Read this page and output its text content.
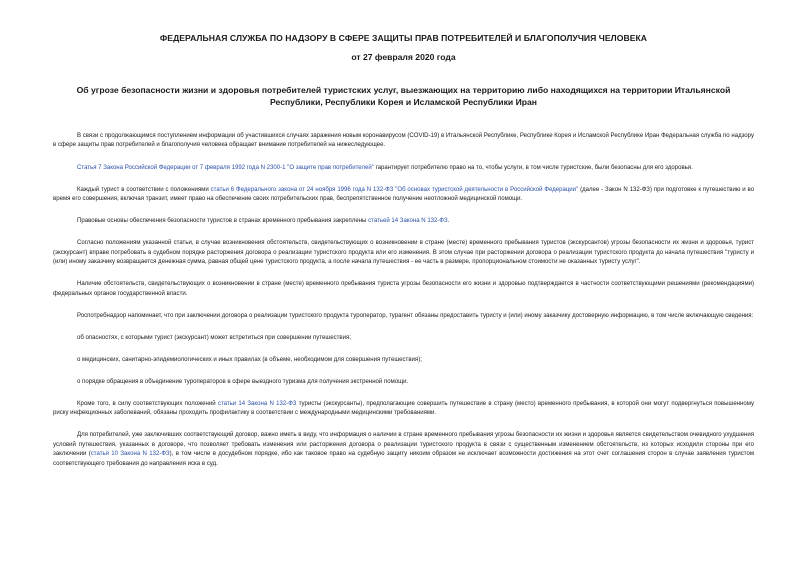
ФЕДЕРАЛЬНАЯ СЛУЖБА ПО НАДЗОРУ В СФЕРЕ ЗАЩИТЫ ПРАВ ПОТРЕБИТЕЛЕЙ И БЛАГОПОЛУЧИЯ ЧЕЛОВЕКА
от 27 февраля 2020 года
Об угрозе безопасности жизни и здоровья потребителей туристских услуг, выезжающих на территорию либо находящихся на территории Итальянской Республики, Республики Корея и Исламской Республики Иран

В связи с продолжающимся поступлением информации об участившихся случаях заражения новым коронавирусом (COVID-19) в Итальянской Республике, Республике Корея и Исламской Республике Иран Федеральная служба по надзору в сфере защиты прав потребителей и благополучия человека обращает внимание потребителей на нижеследующее.

Статья 7 Закона Российской Федерации от 7 февраля 1992 года N 2300-1 "О защите прав потребителей" гарантирует потребителю право на то, чтобы услуги, в том числе туристские, были безопасны для его здоровья.

Каждый турист в соответствии с положениями статьи 6 Федерального закона от 24 ноября 1996 года N 132-ФЗ "Об основах туристской деятельности в Российской Федерации" (далее - Закон N 132-ФЗ) при подготовке к путешествию и во время его совершения, включая транзит, имеет право на обеспечение своих потребительских прав, беспрепятственное получение неотложной медицинской помощи.

Правовые основы обеспечения безопасности туристов в странах временного пребывания закреплены статьей 14 Закона N 132-ФЗ.

Согласно положениям указанной статьи, в случае возникновения обстоятельств, свидетельствующих о возникновении в стране (месте) временного пребывания туристов (экскурсантов) угрозы безопасности их жизни и здоровья, турист (экскурсант) вправе потребовать в судебном порядке расторжения договора о реализации туристского продукта или его изменения. В этом случае при расторжении договора о реализации туристского продукта до начала путешествия "туристу и (или) иному заказчику возвращается денежная сумма, равная общей цене туристского продукта, а после начала путешествия - ее часть в размере, пропорциональном стоимости не оказанных туристу услуг".

Наличие обстоятельств, свидетельствующих о возникновении в стране (месте) временного пребывания туриста угрозы безопасности его жизни и здоровью подтверждается в частности соответствующими решениями (рекомендациями) федеральных органов государственной власти.

Роспотребнадзор напоминает, что при заключении договора о реализации туристского продукта туроператор, турагент обязаны предоставить туристу и (или) иному заказчику достоверную информацию, в том числе включающую сведения:

об опасностях, с которыми турист (экскурсант) может встретиться при совершении путешествия;

о медицинских, санитарно-эпидемиологических и иных правилах (в объеме, необходимом для совершения путешествия);

о порядке обращения в объединение туроператоров в сфере выездного туризма для получения экстренной помощи.

Кроме того, в силу соответствующих положений статьи 14 Закона N 132-ФЗ туристы (экскурсанты), предполагающие совершить путешествие в страну (место) временного пребывания, в которой они могут подвергнуться повышенному риску инфекционных заболеваний, обязаны проходить профилактику в соответствии с международными медицинскими требованиями.

Для потребителей, уже заключивших соответствующий договор, важно иметь в виду, что информация о наличии в стране временного пребывания угрозы безопасности их жизни и здоровья является свидетельством очевидного ухудшения условий путешествия, указанных в договоре, что позволяет требовать изменения или расторжения договора о реализации туристского продукта в связи с существенным изменением обстоятельств, из которых исходили стороны при его заключении (статья 10 Закона N 132-ФЗ), в том числе в досудебном порядке, ибо как таковое право на судебную защиту никоим образом не исключает возможности достижения на этот счет соглашения сторон в случае заявления туристом соответствующего требования до направления иска в суд.
